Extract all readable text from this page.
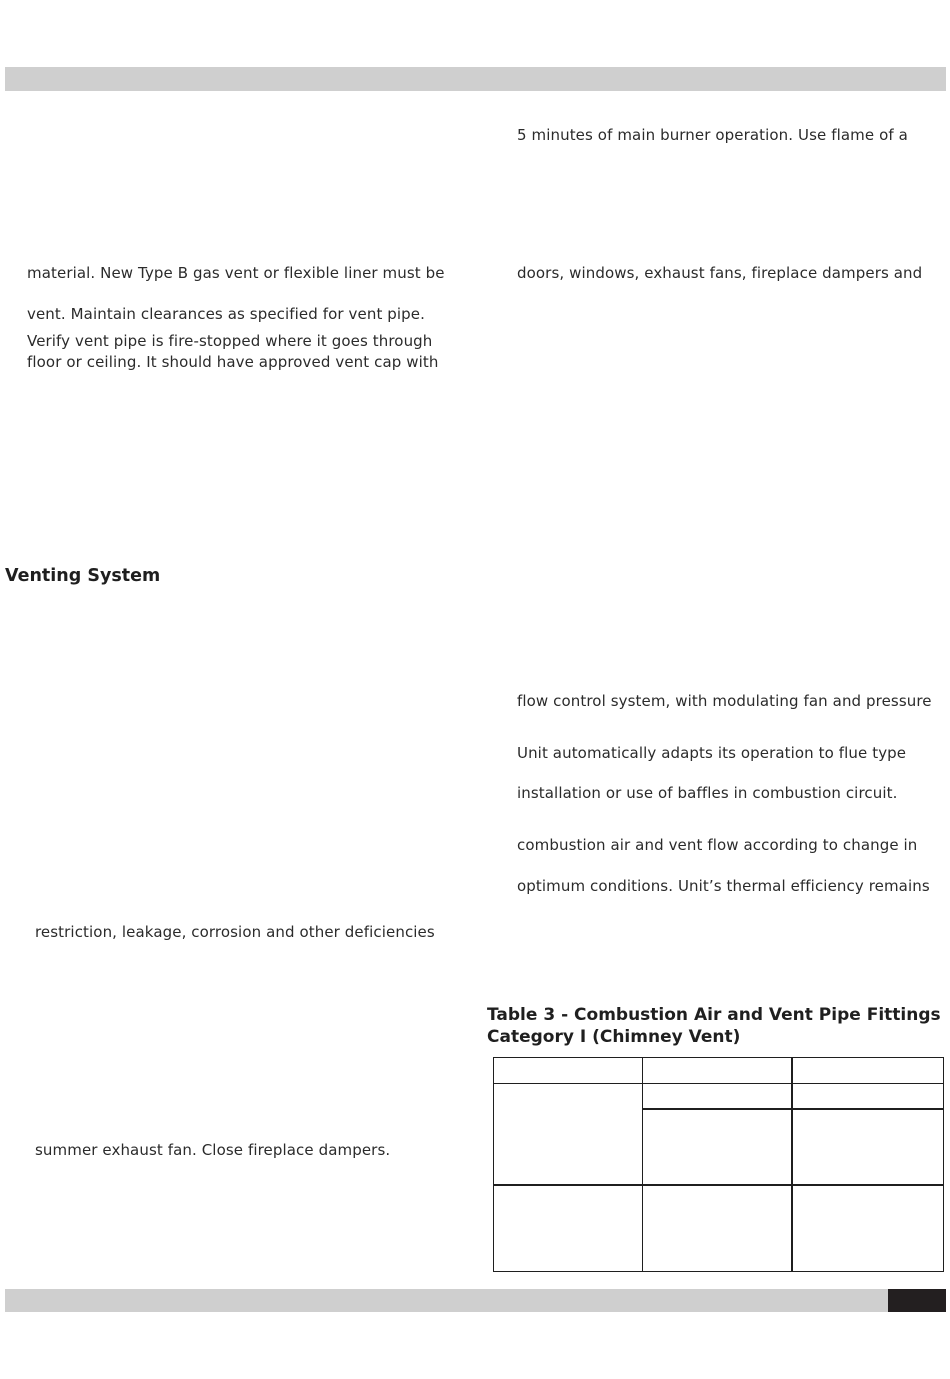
5 minutes of main burner operation. Use flame of a
doors, windows, exhaust fans, fireplace dampers and
material. New Type B gas vent or flexible liner must be
vent. Maintain clearances as specified for vent pipe.
Verify vent pipe is fire-stopped where it goes through
floor or ceiling. It should have approved vent cap with
Venting System
flow control system, with modulating fan and pressure
Unit automatically adapts its operation to flue type
installation or use of baffles in combustion circuit.
combustion air and vent flow according to change in
optimum conditions. Unit’s thermal efficiency remains
restriction, leakage, corrosion and other deficiencies
summer exhaust fan. Close fireplace dampers.
Table 3 - Combustion Air and Vent Pipe Fittings
Category I (Chimney Vent)
